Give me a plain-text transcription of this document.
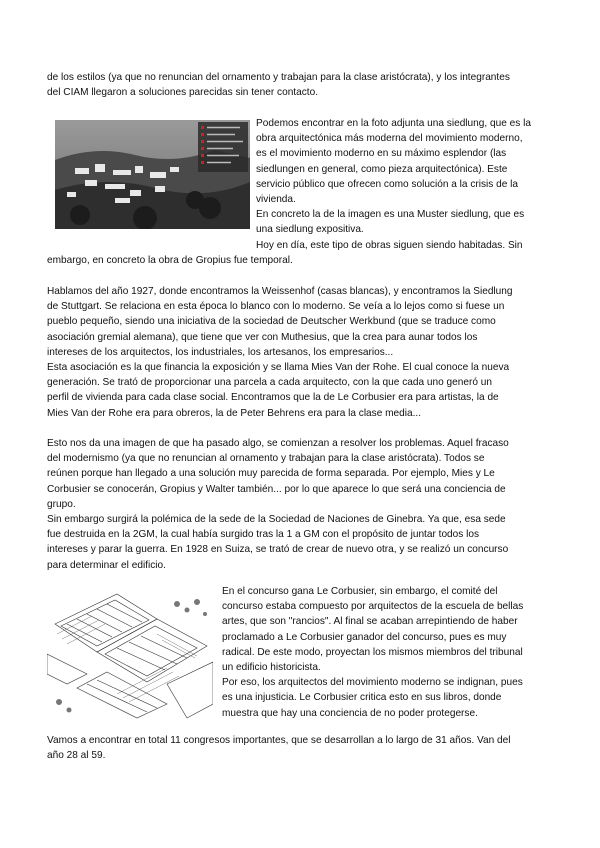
de los estilos (ya que no renuncian del ornamento y trabajan para la clase aristócrata), y los integrantes
del CIAM llegaron a soluciones parecidas sin tener contacto.

Podemos encontrar en la foto adjunta una siedlung, que es la
obra arquitectónica más moderna del movimiento moderno,
es el movimiento moderno en su máximo esplendor (las
siedlungen en general, como pieza arquitectónica). Este
servicio público que ofrecen como solución a la crisis de la
vivienda.
En concreto la de la imagen es una Muster siedlung, que es
una siedlung expositiva.
Hoy en día, este tipo de obras siguen siendo habitadas. Sin

embargo, en concreto la obra de Gropius fue temporal.

Hablamos del año 1927, donde encontramos la Weissenhof (casas blancas), y encontramos la Siedlung
de Stuttgart. Se relaciona en esta época lo blanco con lo moderno. Se veía a lo lejos como si fuese un
pueblo pequeño, siendo una iniciativa de la sociedad de Deutscher Werkbund (que se traduce como
asociación gremial alemana), que tiene que ver con Muthesius, que la crea para aunar todos los
intereses de los arquitectos, los industriales, los artesanos, los empresarios...
Esta asociación es la que financia la exposición y se llama Mies Van der Rohe. El cual conoce la nueva
generación. Se trató de proporcionar una parcela a cada arquitecto, con la que cada uno generó un
perfil de vivienda para cada clase social. Encontramos que la de Le Corbusier era para artistas, la de
Mies Van der Rohe era para obreros, la de Peter Behrens era para la clase media...

Esto nos da una imagen de que ha pasado algo, se comienzan a resolver los problemas. Aquel fracaso
del modernismo (ya que no renuncian al ornamento y trabajan para la clase aristócrata). Todos se
reúnen porque han llegado a una solución muy parecida de forma separada. Por ejemplo, Mies y Le
Corbusier se conocerán, Gropius y Walter también... por lo que aparece lo que será una conciencia de
grupo.

Sin embargo surgirá la polémica de la sede de la Sociedad de Naciones de Ginebra. Ya que, esa sede
fue destruida en la 2GM, la cual había surgido tras la 1 a GM con el propósito de juntar todos los
intereses y parar la guerra. En 1928 en Suiza, se trató de crear de nuevo otra, y se realizó un concurso
para determinar el edificio.

En el concurso gana Le Corbusier, sin embargo, el comité del
concurso estaba compuesto por arquitectos de la escuela de bellas
artes, que son "rancios". Al final se acaban arrepintiendo de haber
proclamado a Le Corbusier ganador del concurso, pues es muy
radical. De este modo, proyectan los mismos miembros del tribunal
un edificio historicista.
Por eso, los arquitectos del movimiento moderno se indignan, pues
es una injusticia. Le Corbusier critica esto en sus libros, donde
muestra que hay una conciencia de no poder protegerse.

Vamos a encontrar en total 11 congresos importantes, que se desarrollan a lo largo de 31 años. Van del
año 28 al 59.
